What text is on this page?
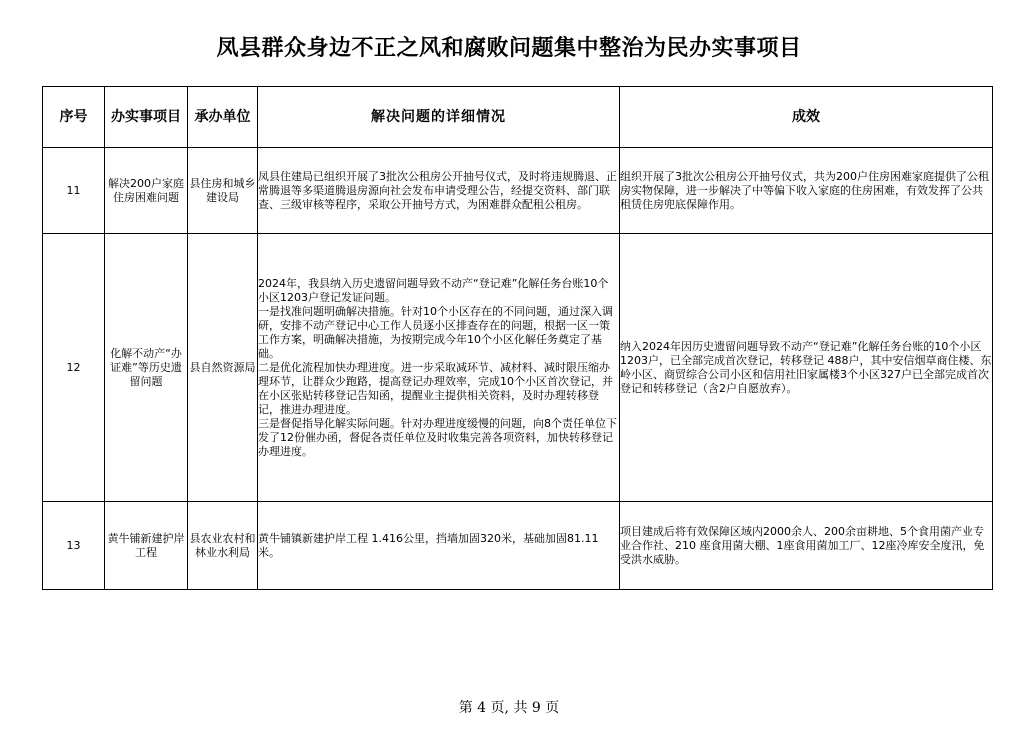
凤县群众身边不正之风和腐败问题集中整治为民办实事项目
序号	办实事项目	承办单位	解决问题的详细情况	成效
11	解决200户家庭住房困难问题	县住房和城乡建设局	凤县住建局已组织开展了3批次公租房公开抽号仪式，及时将违规腾退、正常腾退等多渠道腾退房源向社会发布申请受理公告，经提交资料、部门联查、三级审核等程序，采取公开抽号方式，为困难群众配租公租房。	组织开展了3批次公租房公开抽号仪式，共为200户住房困难家庭提供了公租房实物保障，进一步解决了中等偏下收入家庭的住房困难，有效发挥了公共租赁住房兜底保障作用。
12	化解不动产“办证难”等历史遗留问题	县自然资源局	2024年，我县纳入历史遗留问题导致不动产“登记难”化解任务台账10个小区1203户登记发证问题。
一是找准问题明确解决措施。针对10个小区存在的不同问题，通过深入调研，安排不动产登记中心工作人员逐小区排查存在的问题，根据一区一策工作方案，明确解决措施，为按期完成今年10个小区化解任务奠定了基础。
二是优化流程加快办理进度。进一步采取减环节、减材料、减时限压缩办理环节，让群众少跑路，提高登记办理效率，完成10个小区首次登记，并在小区张贴转移登记告知函，提醒业主提供相关资料，及时办理转移登记，推进办理进度。
三是督促指导化解实际问题。针对办理进度缓慢的问题，向8个责任单位下发了12份催办函，督促各责任单位及时收集完善各项资料，加快转移登记办理进度。	纳入2024年因历史遗留问题导致不动产“登记难”化解任务台账的10个小区1203户，已全部完成首次登记，转移登记 488户，其中安信烟草商住楼、东岭小区、商贸综合公司小区和信用社旧家属楼3个小区327户已全部完成首次登记和转移登记（含2户自愿放弃）。
13	黄牛铺新建护岸工程	县农业农村和林业水利局	黄牛铺镇新建护岸工程 1.416公里，挡墙加固320米，基础加固81.11米。	项目建成后将有效保障区域内2000余人、200余亩耕地、5个食用菌产业专业合作社、210 座食用菌大棚、1座食用菌加工厂、12座冷库安全度汛，免受洪水威胁。
第 4 页, 共 9 页
